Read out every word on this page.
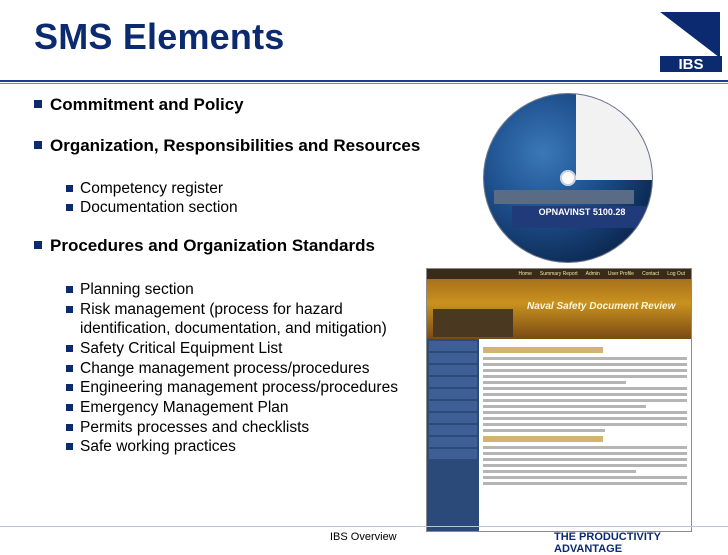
SMS Elements
IBS
Commitment and Policy
Organization, Responsibilities and Resources
Competency register
Documentation section
Procedures and Organization Standards
Planning section
Risk management (process for hazard
identification, documentation, and mitigation)
Safety Critical Equipment List
Change management process/procedures
Engineering management process/procedures
Emergency Management Plan
Permits processes and checklists
Safe working practices
OPNAVINST 5100.28
Home Summary Report Admin User Profile Contact Log Out
Naval Safety Document Review
IBS Overview	THE PRODUCTIVITY ADVANTAGE
